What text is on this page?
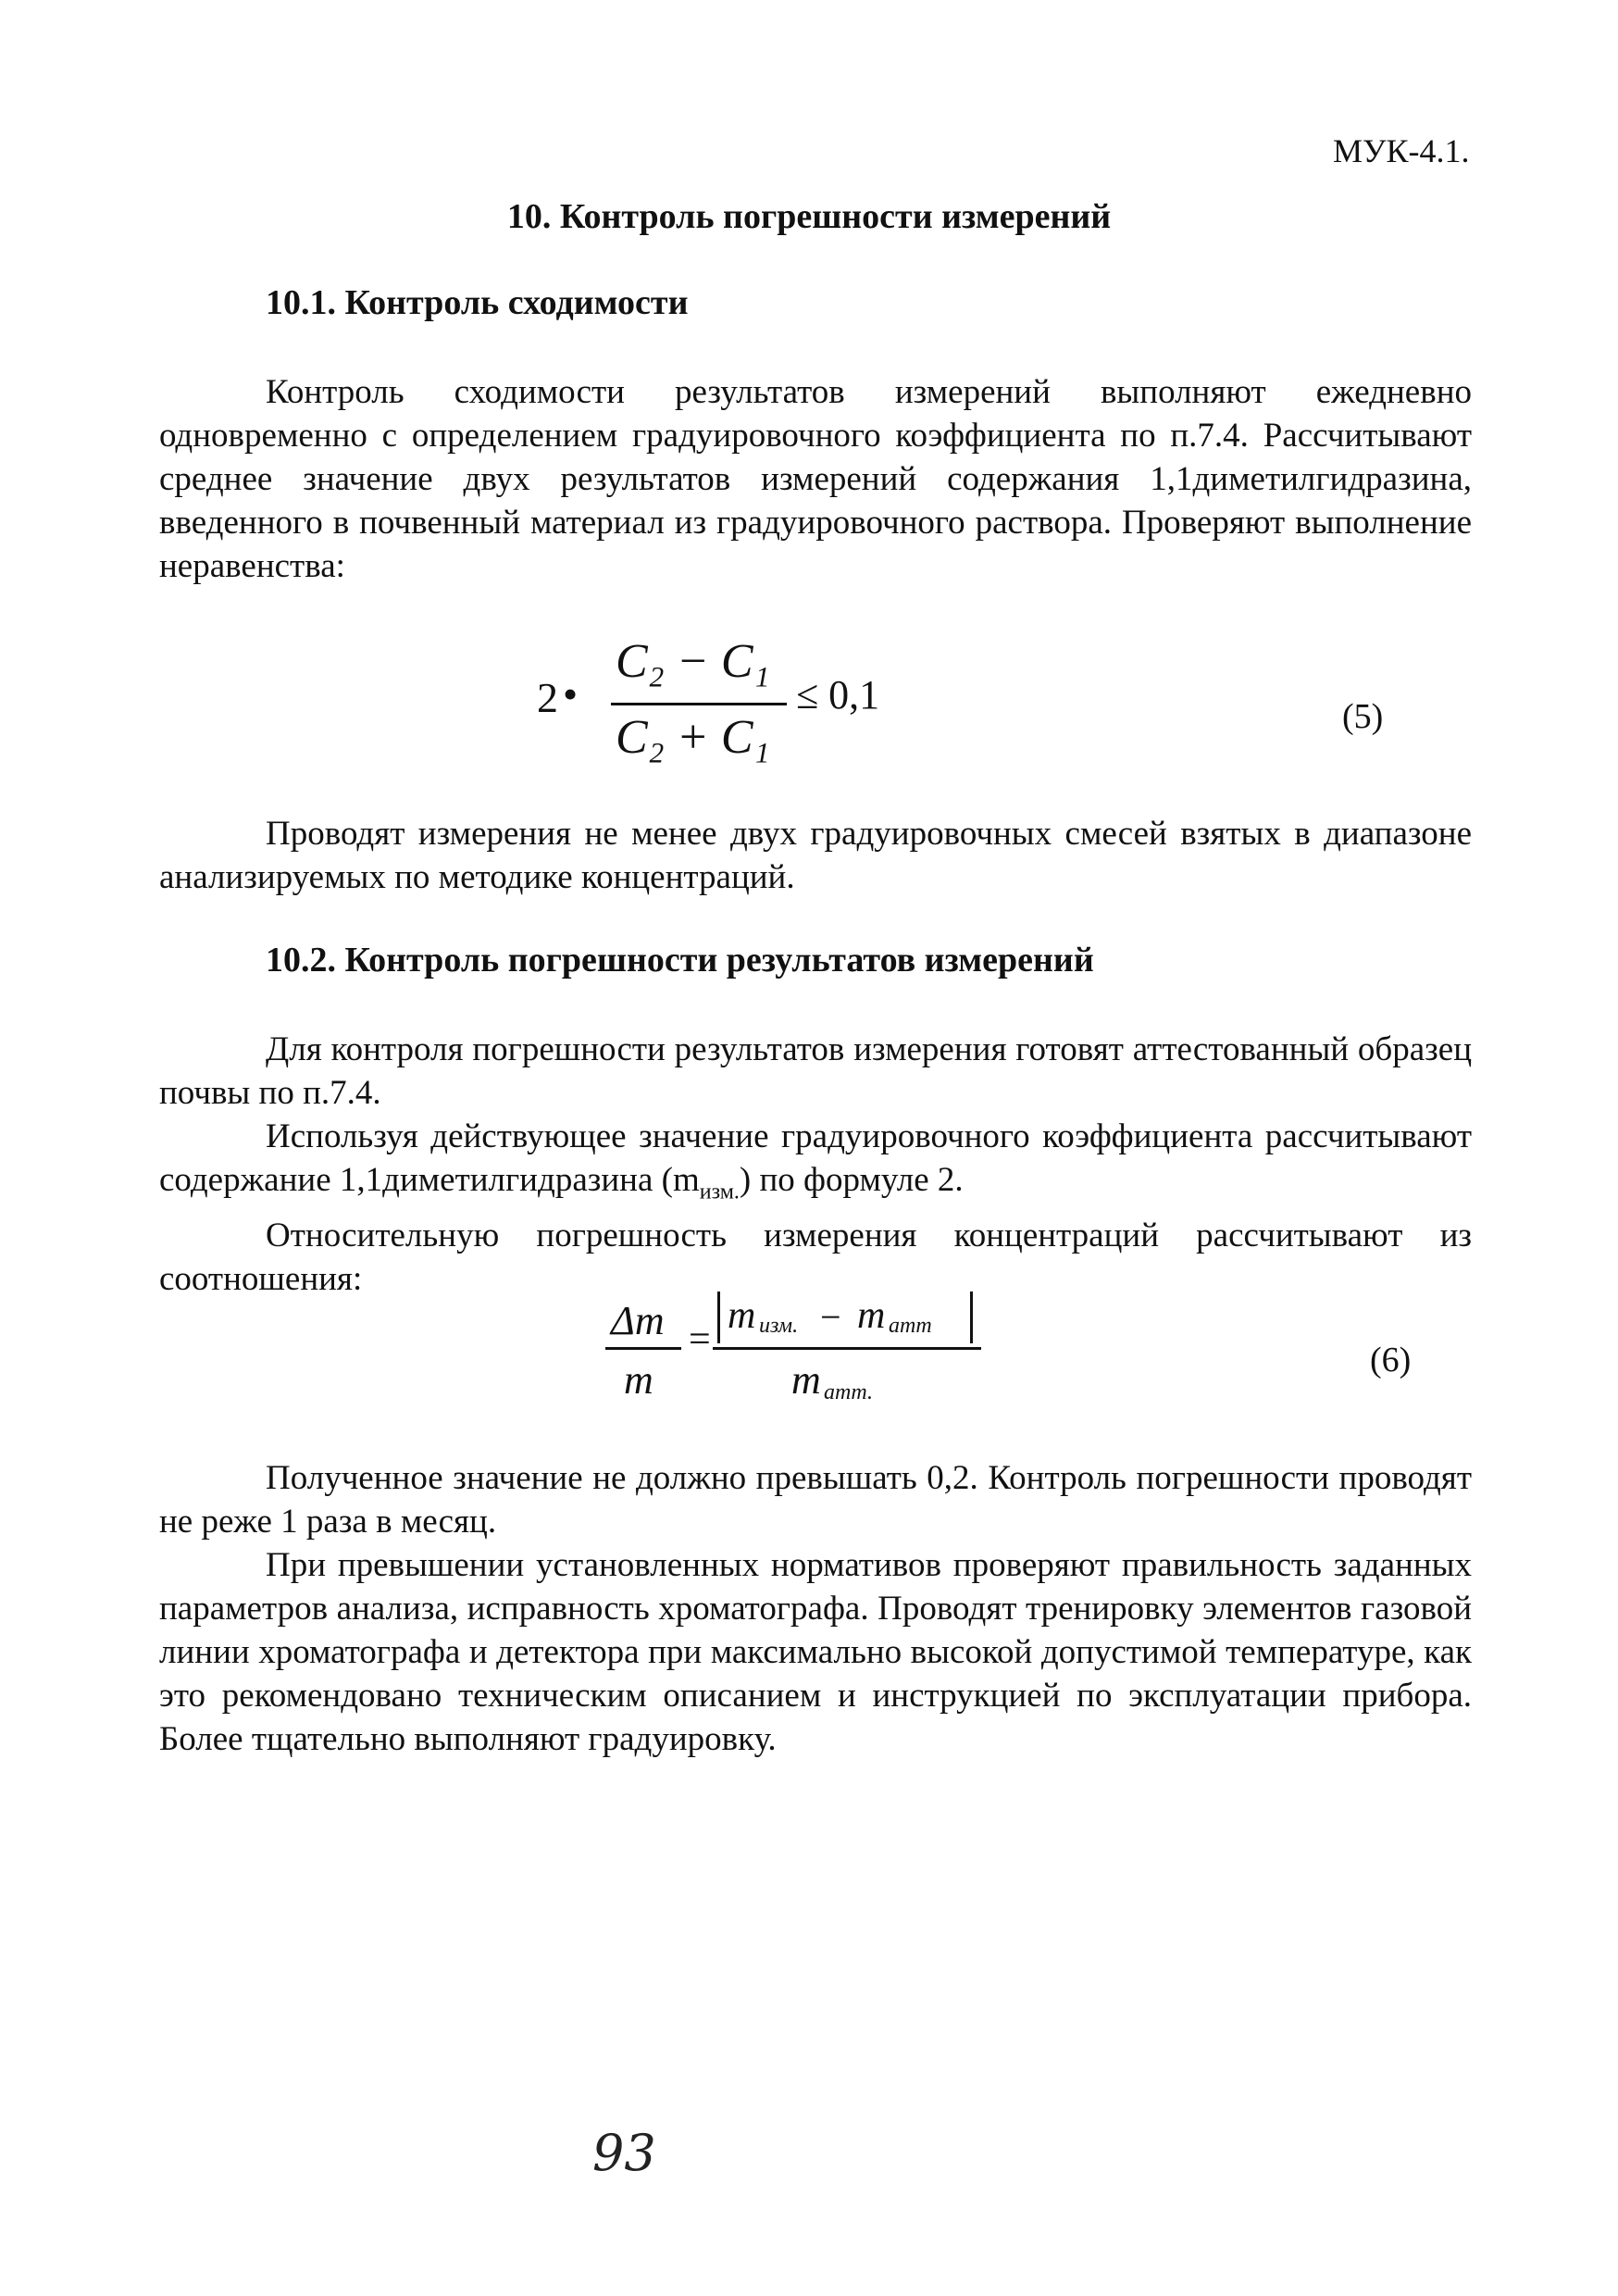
МУК-4.1.
10. Контроль погрешности измерений
10.1. Контроль сходимости

Контроль сходимости результатов измерений выполняют ежедневно одновременно с определением градуировочного коэффициента по п.7.4. Рассчитывают среднее значение двух результатов измерений содержания 1,1диметилгидразина, введенного в почвенный материал из градуировочного раствора. Проверяют выполнение неравенства:

2 •
C₂ − C₁
C₂ + C₁
≤ 0,1	(5)

Проводят измерения не менее двух градуировочных смесей взятых в диапазоне анализируемых по методике концентраций.

10.2. Контроль погрешности результатов измерений

Для контроля погрешности результатов измерения готовят аттестованный образец почвы по п.7.4.

Используя действующее значение градуировочного коэффициента рассчитывают содержание 1,1диметилгидразина $(m_{изм.})$ по формуле 2.

Относительную погрешность измерения концентраций рассчитывают из соотношения:

Δm
m
=
m изм. − m атт
m атт.
(6)

Полученное значение не должно превышать 0,2. Контроль погрешности проводят не реже 1 раза в месяц.

При превышении установленных нормативов проверяют правильность заданных параметров анализа, исправность хроматографа. Проводят тренировку элементов газовой линии хроматографа и детектора при максимально высокой допустимой температуре, как это рекомендовано техническим описанием и инструкцией по эксплуатации прибора. Более тщательно выполняют градуировку.

93
